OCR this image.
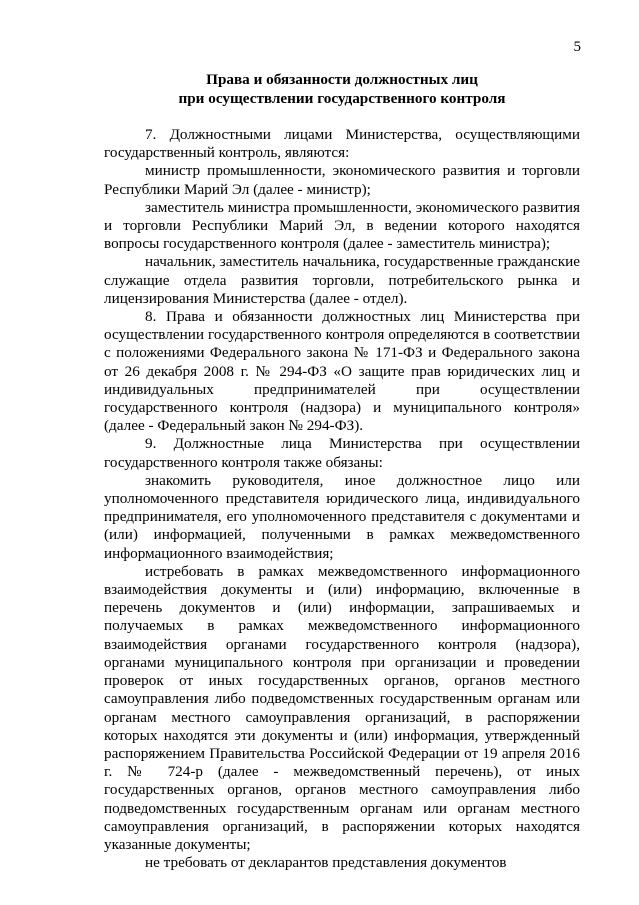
5
Права и обязанности должностных лиц
при осуществлении государственного контроля

7. Должностными лицами Министерства, осуществляющими государственный контроль, являются:

министр промышленности, экономического развития и торговли Республики Марий Эл (далее - министр);

заместитель министра промышленности, экономического развития и торговли Республики Марий Эл, в ведении которого находятся вопросы государственного контроля (далее - заместитель министра);

начальник, заместитель начальника, государственные гражданские служащие отдела развития торговли, потребительского рынка и лицензирования Министерства (далее - отдел).

8. Права и обязанности должностных лиц Министерства при осуществлении государственного контроля определяются в соответствии с положениями Федерального закона № 171-ФЗ и Федерального закона от 26 декабря 2008 г. № 294-ФЗ «О защите прав юридических лиц и индивидуальных предпринимателей при осуществлении государственного контроля (надзора) и муниципального контроля» (далее - Федеральный закон № 294-ФЗ).

9. Должностные лица Министерства при осуществлении государственного контроля также обязаны:

знакомить руководителя, иное должностное лицо или уполномоченного представителя юридического лица, индивидуального предпринимателя, его уполномоченного представителя с документами и (или) информацией, полученными в рамках межведомственного информационного взаимодействия;

истребовать в рамках межведомственного информационного взаимодействия документы и (или) информацию, включенные в перечень документов и (или) информации, запрашиваемых и получаемых в рамках межведомственного информационного взаимодействия органами государственного контроля (надзора), органами муниципального контроля при организации и проведении проверок от иных государственных органов, органов местного самоуправления либо подведомственных государственным органам или органам местного самоуправления организаций, в распоряжении которых находятся эти документы и (или) информация, утвержденный распоряжением Правительства Российской Федерации от 19 апреля 2016 г. № 724-р (далее - межведомственный перечень), от иных государственных органов, органов местного самоуправления либо подведомственных государственным органам или органам местного самоуправления организаций, в распоряжении которых находятся указанные документы;

не требовать от декларантов представления документов
